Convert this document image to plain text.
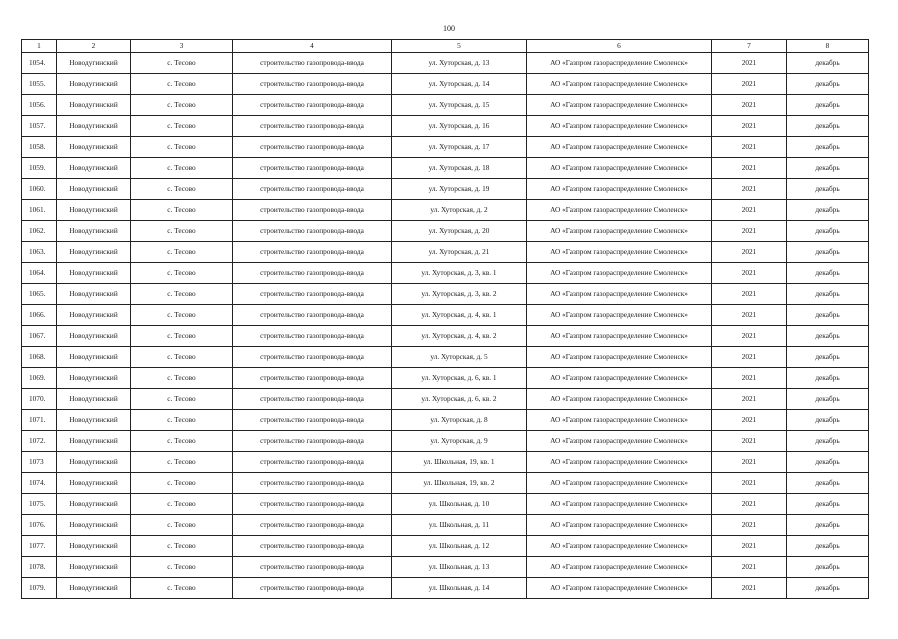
100
1	2	3	4	5	6	7	8
1054.	Новодугинский	с. Тесово	строительство газопровода-ввода	ул. Хуторская, д. 13	АО «Газпром газораспределение Смоленск»	2021	декабрь
1055.	Новодугинский	с. Тесово	строительство газопровода-ввода	ул. Хуторская, д. 14	АО «Газпром газораспределение Смоленск»	2021	декабрь
1056.	Новодугинский	с. Тесово	строительство газопровода-ввода	ул. Хуторская, д. 15	АО «Газпром газораспределение Смоленск»	2021	декабрь
1057.	Новодугинский	с. Тесово	строительство газопровода-ввода	ул. Хуторская, д. 16	АО «Газпром газораспределение Смоленск»	2021	декабрь
1058.	Новодугинский	с. Тесово	строительство газопровода-ввода	ул. Хуторская, д. 17	АО «Газпром газораспределение Смоленск»	2021	декабрь
1059.	Новодугинский	с. Тесово	строительство газопровода-ввода	ул. Хуторская, д. 18	АО «Газпром газораспределение Смоленск»	2021	декабрь
1060.	Новодугинский	с. Тесово	строительство газопровода-ввода	ул. Хуторская, д. 19	АО «Газпром газораспределение Смоленск»	2021	декабрь
1061.	Новодугинский	с. Тесово	строительство газопровода-ввода	ул. Хуторская, д. 2	АО «Газпром газораспределение Смоленск»	2021	декабрь
1062.	Новодугинский	с. Тесово	строительство газопровода-ввода	ул. Хуторская, д. 20	АО «Газпром газораспределение Смоленск»	2021	декабрь
1063.	Новодугинский	с. Тесово	строительство газопровода-ввода	ул. Хуторская, д. 21	АО «Газпром газораспределение Смоленск»	2021	декабрь
1064.	Новодугинский	с. Тесово	строительство газопровода-ввода	ул. Хуторская, д. 3, кв. 1	АО «Газпром газораспределение Смоленск»	2021	декабрь
1065.	Новодугинский	с. Тесово	строительство газопровода-ввода	ул. Хуторская, д. 3, кв. 2	АО «Газпром газораспределение Смоленск»	2021	декабрь
1066.	Новодугинский	с. Тесово	строительство газопровода-ввода	ул. Хуторская, д. 4, кв. 1	АО «Газпром газораспределение Смоленск»	2021	декабрь
1067.	Новодугинский	с. Тесово	строительство газопровода-ввода	ул. Хуторская, д. 4, кв. 2	АО «Газпром газораспределение Смоленск»	2021	декабрь
1068.	Новодугинский	с. Тесово	строительство газопровода-ввода	ул. Хуторская, д. 5	АО «Газпром газораспределение Смоленск»	2021	декабрь
1069.	Новодугинский	с. Тесово	строительство газопровода-ввода	ул. Хуторская, д. 6, кв. 1	АО «Газпром газораспределение Смоленск»	2021	декабрь
1070.	Новодугинский	с. Тесово	строительство газопровода-ввода	ул. Хуторская, д. 6, кв. 2	АО «Газпром газораспределение Смоленск»	2021	декабрь
1071.	Новодугинский	с. Тесово	строительство газопровода-ввода	ул. Хуторская, д. 8	АО «Газпром газораспределение Смоленск»	2021	декабрь
1072.	Новодугинский	с. Тесово	строительство газопровода-ввода	ул. Хуторская, д. 9	АО «Газпром газораспределение Смоленск»	2021	декабрь
1073	Новодугинский	с. Тесово	строительство газопровода-ввода	ул. Школьная, 19, кв. 1	АО «Газпром газораспределение Смоленск»	2021	декабрь
1074.	Новодугинский	с. Тесово	строительство газопровода-ввода	ул. Школьная, 19, кв. 2	АО «Газпром газораспределение Смоленск»	2021	декабрь
1075.	Новодугинский	с. Тесово	строительство газопровода-ввода	ул. Школьная, д. 10	АО «Газпром газораспределение Смоленск»	2021	декабрь
1076.	Новодугинский	с. Тесово	строительство газопровода-ввода	ул. Школьная, д. 11	АО «Газпром газораспределение Смоленск»	2021	декабрь
1077.	Новодугинский	с. Тесово	строительство газопровода-ввода	ул. Школьная, д. 12	АО «Газпром газораспределение Смоленск»	2021	декабрь
1078.	Новодугинский	с. Тесово	строительство газопровода-ввода	ул. Школьная, д. 13	АО «Газпром газораспределение Смоленск»	2021	декабрь
1079.	Новодугинский	с. Тесово	строительство газопровода-ввода	ул. Школьная, д. 14	АО «Газпром газораспределение Смоленск»	2021	декабрь
